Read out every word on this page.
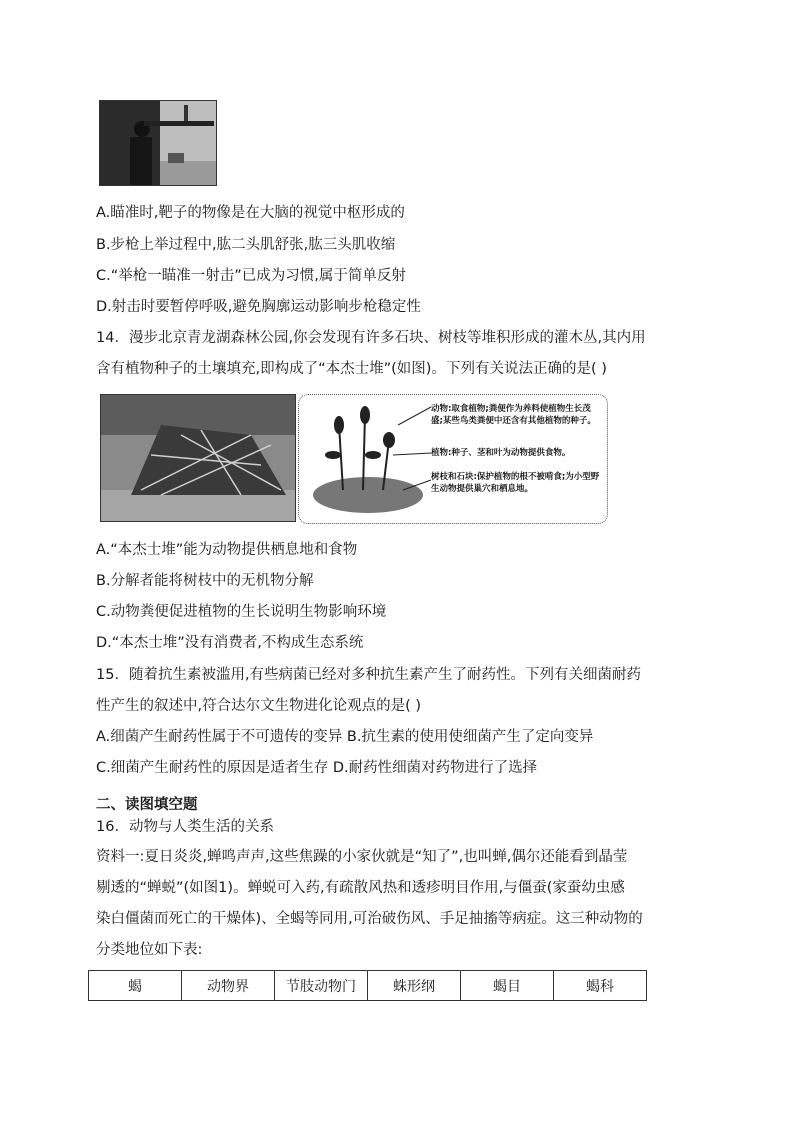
A.瞄准时,靶子的物像是在大脑的视觉中枢形成的
B.步枪上举过程中,肱二头肌舒张,肱三头肌收缩
C.“举枪一瞄准一射击”已成为习惯,属于简单反射
D.射击时要暂停呼吸,避免胸廓运动影响步枪稳定性
14．漫步北京青龙湖森林公园,你会发现有许多石块、树枝等堆积形成的灌木丛,其内用
含有植物种子的土壤填充,即构成了“本杰士堆”(如图)。下列有关说法正确的是( )
动物:取食植物;粪便作为养料使植物生长茂盛;某些鸟类粪便中还含有其他植物的种子。
植物:种子、茎和叶为动物提供食物。
树枝和石块:保护植物的根不被啃食;为小型野生动物提供巢穴和栖息地。
A.“本杰士堆”能为动物提供栖息地和食物
B.分解者能将树枝中的无机物分解
C.动物粪便促进植物的生长说明生物影响环境
D.“本杰士堆”没有消费者,不构成生态系统
15．随着抗生素被滥用,有些病菌已经对多种抗生素产生了耐药性。下列有关细菌耐药
性产生的叙述中,符合达尔文生物进化论观点的是( )
A.细菌产生耐药性属于不可遗传的变异 B.抗生素的使用使细菌产生了定向变异
C.细菌产生耐药性的原因是适者生存 D.耐药性细菌对药物进行了选择
二、读图填空题
16．动物与人类生活的关系
资料一:夏日炎炎,蝉鸣声声,这些焦躁的小家伙就是“知了”,也叫蝉,偶尔还能看到晶莹
剔透的“蝉蜕”(如图1)。蝉蜕可入药,有疏散风热和透疹明目作用,与僵蚕(家蚕幼虫感
染白僵菌而死亡的干燥体)、全蝎等同用,可治破伤风、手足抽搐等病症。这三种动物的
分类地位如下表:
蝎	动物界	节肢动物门	蛛形纲	蝎目	蝎科
